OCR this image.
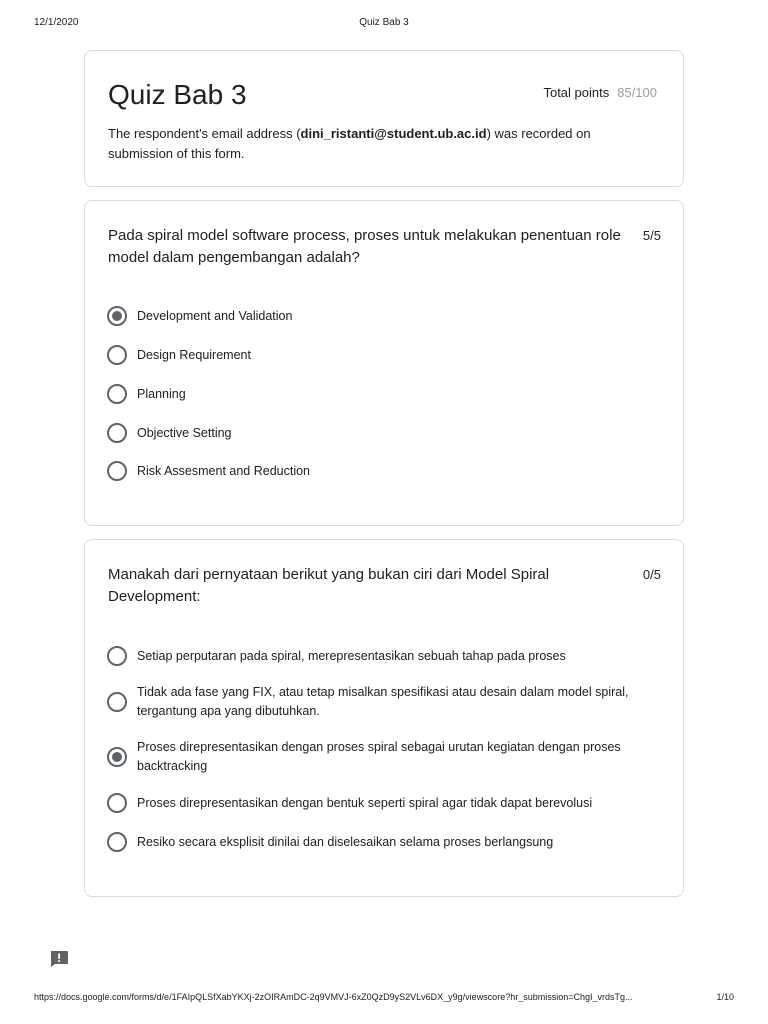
12/1/2020	Quiz Bab 3
Quiz Bab 3	Total points 85/100
The respondent's email address (dini_ristanti@student.ub.ac.id) was recorded on submission of this form.
Pada spiral model software process, proses untuk melakukan penentuan role model dalam pengembangan adalah?
5/5
Development and Validation
Design Requirement
Planning
Objective Setting
Risk Assesment and Reduction
Manakah dari pernyataan berikut yang bukan ciri dari Model Spiral Development:
0/5
Setiap perputaran pada spiral, merepresentasikan sebuah tahap pada proses
Tidak ada fase yang FIX, atau tetap misalkan spesifikasi atau desain dalam model spiral, tergantung apa yang dibutuhkan.
Proses direpresentasikan dengan proses spiral sebagai urutan kegiatan dengan proses backtracking
Proses direpresentasikan dengan bentuk seperti spiral agar tidak dapat berevolusi
Resiko secara eksplisit dinilai dan diselesaikan selama proses berlangsung
https://docs.google.com/forms/d/e/1FAIpQLSfXabYKXj-2zOIRAmDC-2q9VMVJ-6xZ0QzD9yS2VLv6DX_y9g/viewscore?hr_submission=ChgI_vrdsTg...	1/10
